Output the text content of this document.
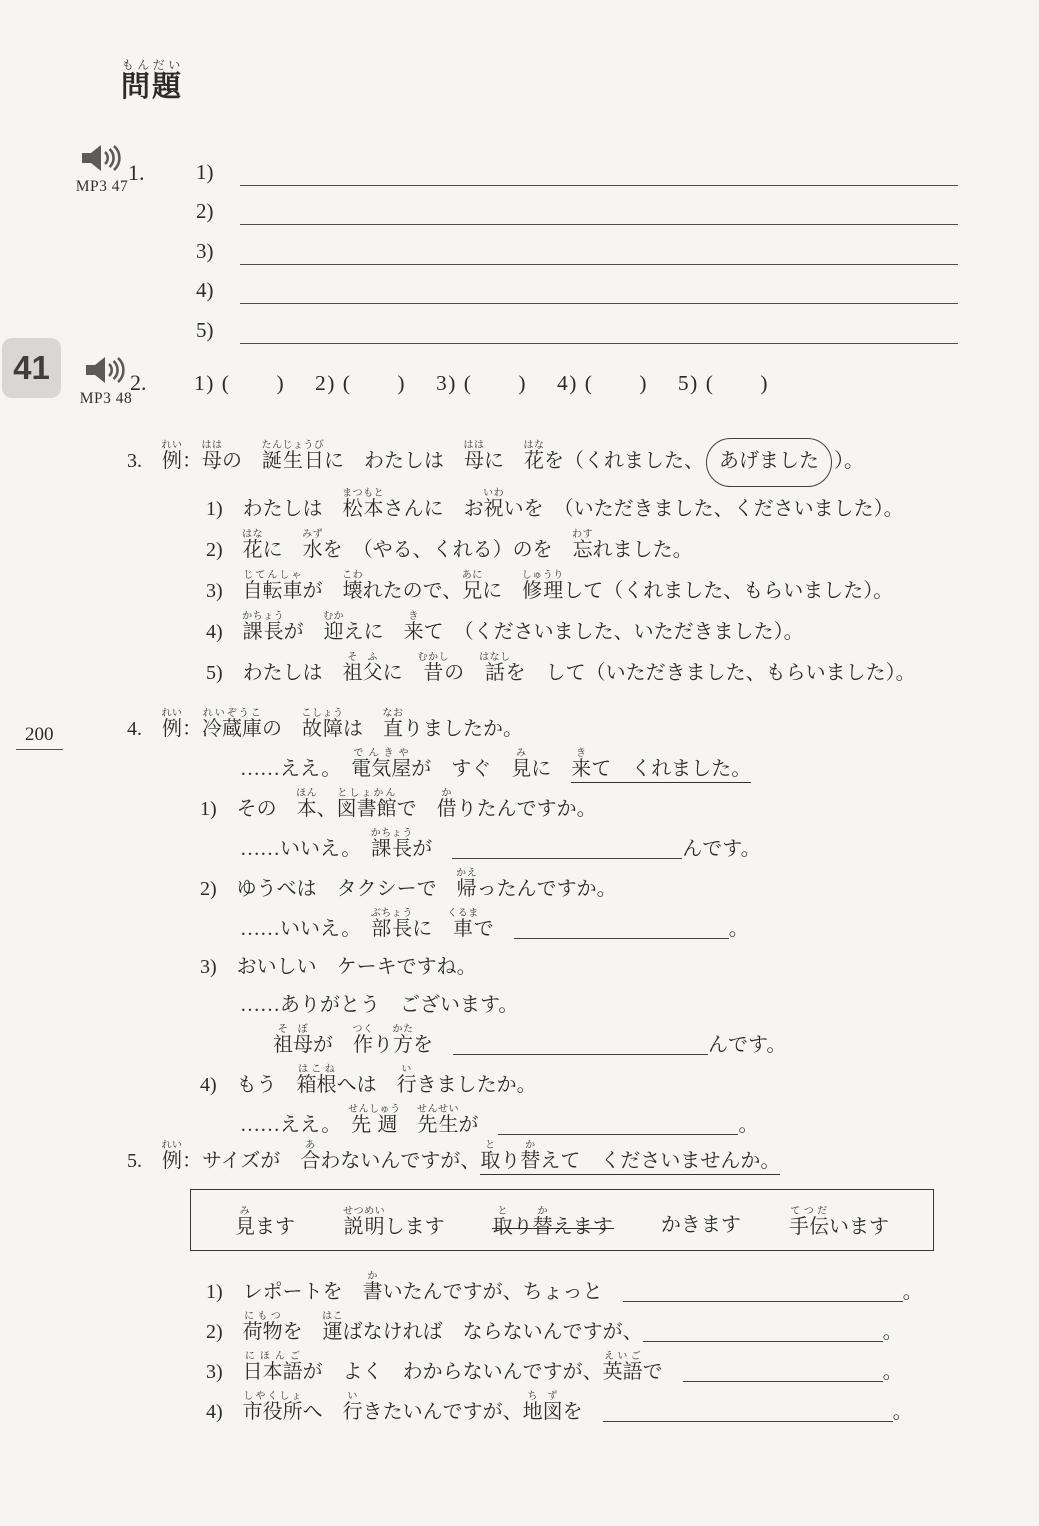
問題もんだい
MP3 47
1.	1)
2)
3)
4)
5)
41
MP3 48
2. 1) (　　)　 2) (　　)　 3) (　　)　 4) (　　)　 5) (　　)
3.　例れい：母ははの　誕生日たんじょうびに　わたしは　母ははに　花はなを（くれました、 あげました ）。
1)　わたしは　松本まつもとさんに　お祝いわいを　（いただきました、くださいました）。
2)　花はなに　水みずを　（やる、くれる）のを　忘わすれました。
3)　自転車じてんしゃが　壊こわれたので、兄あにに　修理しゅうりして（くれました、もらいました）。
4)　課長かちょうが　迎むかえに　来きて　（くださいました、いただきました）。
5)　わたしは　祖父そふに　昔むかしの　話はなしを　して（いただきました、もらいました）。
200	4.　例れい：冷蔵庫れいぞうこの　故障こしょうは　直なおりましたか。
……ええ。　電気屋でんきやが　すぐ　見みに　来きて　くれました。
1)　その　本ほん、図書館としょかんで　借かりたんですか。
……いいえ。　課長かちょうが　	んです。
2)　ゆうべは　タクシーで　帰かえったんですか。
……いいえ。　部長ぶちょうに　車くるまで　	。
3)　おいしい　ケーキですね。
……ありがとう　ございます。
祖母そぼが　作つくり方かたを　	んです。
4)　もう　箱根はこねへは　行いきましたか。
……ええ。　先週せんしゅう　先生せんせいが　	。
5.　例れい：サイズが　合あわないんですが、取とり替かえて　くださいませんか。
見みます 説明せつめいします 取とり替かえます かきます 手伝てつだいます
1)　レポートを　書かいたんですが、ちょっと　	。
2)　荷物にもつを　運はこばなければ　ならないんですが、	。
3)　日本語にほんごが　よく　わからないんですが、英語えいごで　	。
4)　市役所しやくしょへ　行いきたいんですが、地図ちずを　	。
